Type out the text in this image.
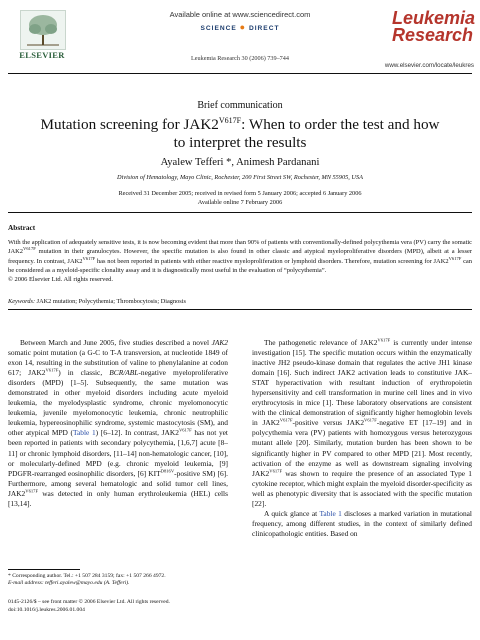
ELSEVIER
Available online at www.sciencedirect.com
SCIENCE ● DIRECT
Leukemia Research 30 (2006) 739–744
Leukemia
Research
www.elsevier.com/locate/leukres
Brief communication
Mutation screening for $JAK2^{V617F}$: When to order the test and how to interpret the results
Ayalew Tefferi *, Animesh Pardanani
Division of Hematology, Mayo Clinic, Rochester, 200 First Street SW, Rochester, MN 55905, USA
Received 31 December 2005; received in revised form 5 January 2006; accepted 6 January 2006
Available online 7 February 2006
Abstract
With the application of adequately sensitive tests, it is now becoming evident that more than 90% of patients with conventionally-defined polycythemia vera (PV) carry the somatic $JAK2^{V617F}$ mutation in their granulocytes. However, the specific mutation is also found in other classic and atypical myeloproliferative disorders (MPD), albeit at a lesser frequency. In contrast, $JAK2^{V617F}$ has not been reported in patients with either reactive myeloproliferation or lymphoid disorders. Therefore, mutation screening for $JAK2^{V617F}$ can be considered as a myeloid-specific clonality assay and it is diagnostically most useful in the evaluation of “polycythemia”.
© 2006 Elsevier Ltd. All rights reserved.
Keywords: JAK2 mutation; Polycythemia; Thrombocytosis; Diagnosis

Between March and June 2005, five studies described a novel JAK2 somatic point mutation (a G-C to T-A transversion, at nucleotide 1849 of exon 14, resulting in the substitution of valine to phenylalanine at codon 617; $JAK2^{V617F}$) in classic, BCR/ABL-negative myeloproliferative disorders (MPD) [1–5]. Subsequently, the same mutation was demonstrated in other myeloid disorders including acute myeloid leukemia, the myelodysplastic syndrome, chronic myelomonocytic leukemia, juvenile myelomonocytic leukemia, chronic neutrophilic leukemia, hypereosinophilic syndrome, systemic mastocytosis (SM), and other atypical MPD (Table 1) [6–12]. In contrast, $JAK2^{V617F}$ has not yet been reported in patients with secondary polycythemia, [1,6,7] acute [8–11] or chronic lymphoid disorders, [11–14] non-hematologic cancer, [10], or molecularly-defined MPD (e.g. chronic myeloid leukemia, [9] PDGFR-rearranged eosinophilic disorders, [6] $KIT^{D816V}$-positive SM) [6]. Furthermore, among several hematologic and solid tumor cell lines, $JAK2^{V617F}$ was detected in only human erythroleukemia (HEL) cells [13,14].

The pathogenetic relevance of $JAK2^{V617F}$ is currently under intense investigation [15]. The specific mutation occurs within the enzymatically inactive JH2 pseudo-kinase domain that regulates the active JH1 kinase domain [16]. Such indirect JAK2 activation leads to constitutive JAK–STAT hyperactivation with resultant induction of erythropoietin hypersensitivity and cell transformation in murine cell lines and in vivo erythrocytosis in mice [1]. These laboratory observations are consistent with the clinical demonstration of significantly higher hemoglobin levels in $JAK2^{V617F}$-positive versus $JAK2^{V617F}$-negative ET [17–19] and in polycythemia vera (PV) patients with homozygous versus heterozygous mutant allele [20]. Similarly, mutation burden has been shown to be significantly higher in PV compared to other MPD [21]. Most recently, activation of the enzyme as well as downstream signaling involving $JAK2^{V617F}$ was shown to require the presence of an associated Type 1 cytokine receptor, which might explain the myeloid disorder-specificity as well as phenotypic diversity that is associated with the specific mutation [22].

A quick glance at Table 1 discloses a marked variation in mutational frequency, among different studies, in the context of similarly defined clinicopathologic entities. Based on

* Corresponding author. Tel.: +1 507 284 3159; fax: +1 507 266 4972.
E-mail address: tefferi.ayalew@mayo.edu (A. Tefferi).
0145-2126/$ – see front matter © 2006 Elsevier Ltd. All rights reserved.
doi:10.1016/j.leukres.2006.01.004
